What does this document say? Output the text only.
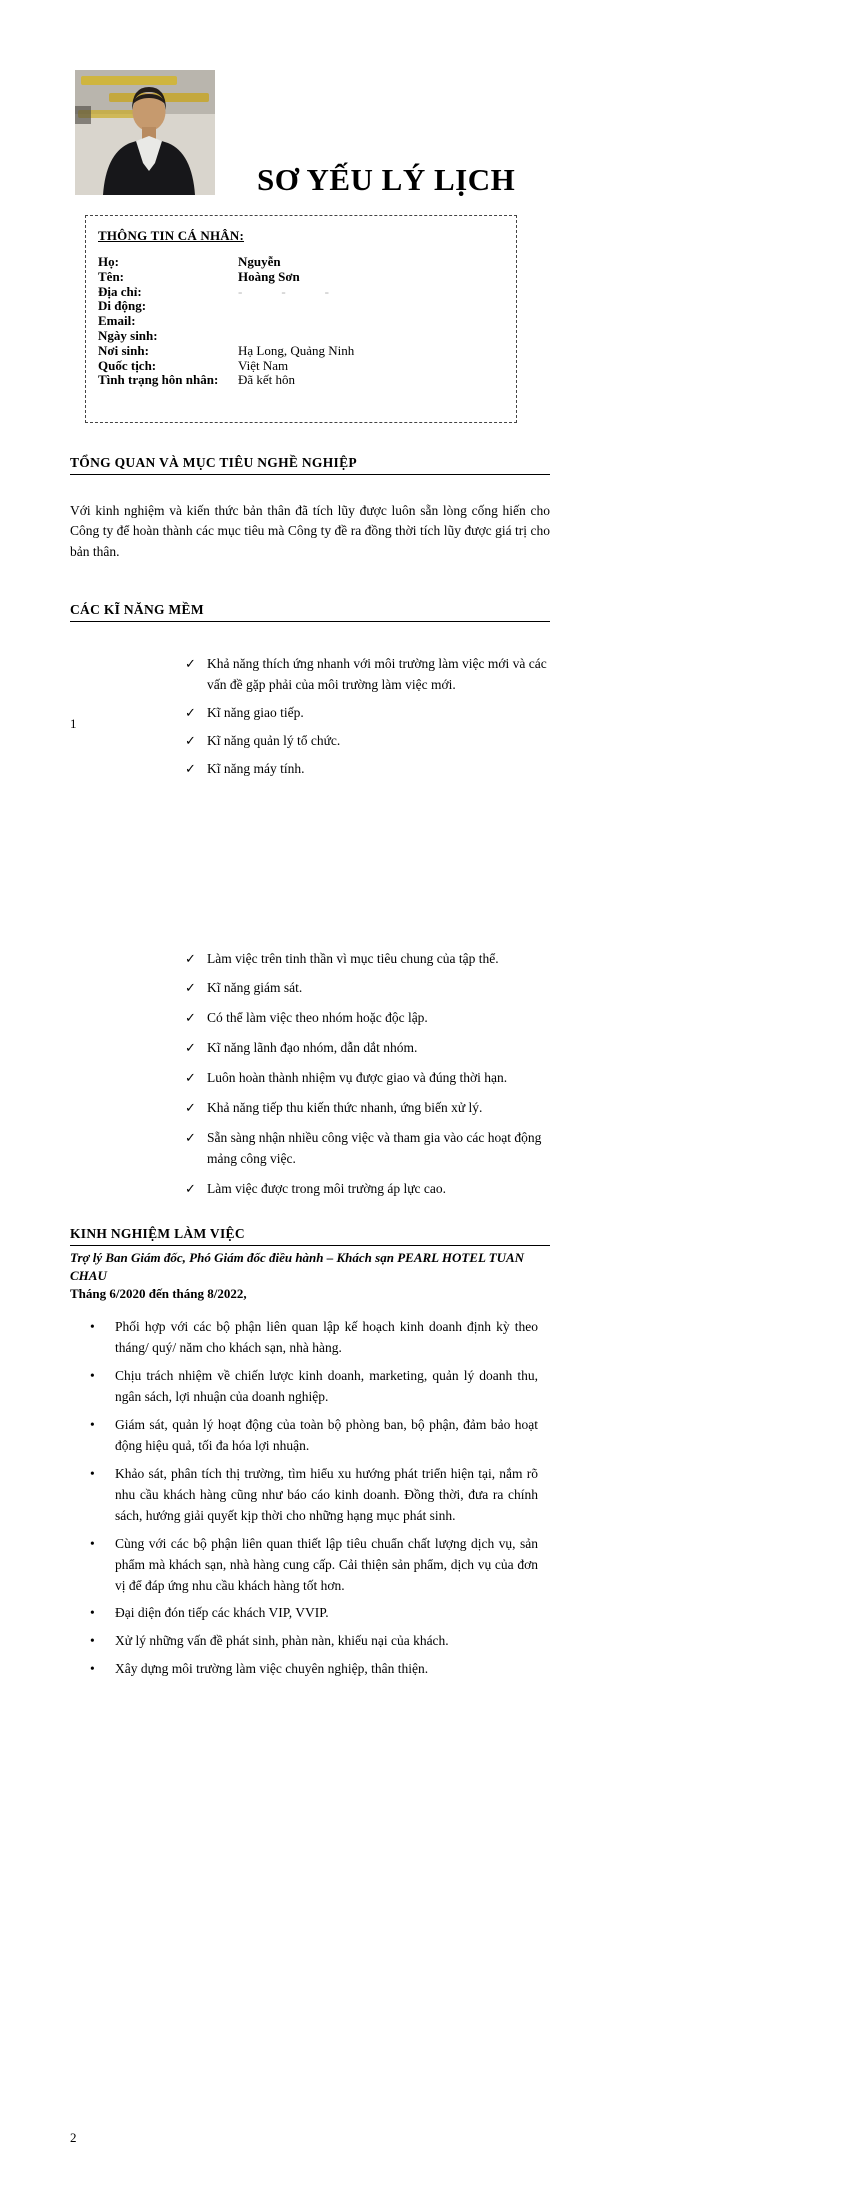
SƠ YẾU LÝ LỊCH
THÔNG TIN CÁ NHÂN:
Họ:	Nguyễn
Tên:	Hoàng Sơn
Địa chỉ:	-            -            -
Di động:
Email:
Ngày sinh:
Nơi sinh:	Hạ Long, Quảng Ninh
Quốc tịch:	Việt Nam
Tình trạng hôn nhân:	Đã kết hôn
TỔNG QUAN VÀ MỤC TIÊU NGHỀ NGHIỆP

Với kinh nghiệm và kiến thức bản thân đã tích lũy được luôn sẵn lòng cống hiến cho Công ty để hoàn thành các mục tiêu mà Công ty đề ra đồng thời tích lũy được giá trị cho bản thân.

CÁC KĨ NĂNG MỀM
✓ Khả năng thích ứng nhanh với môi trường làm việc mới và các vấn đề gặp phải của môi trường làm việc mới.
✓ Kĩ năng giao tiếp.
✓ Kĩ năng quản lý tổ chức.
✓ Kĩ năng máy tính.
1
✓ Làm việc trên tinh thần vì mục tiêu chung của tập thể.
✓ Kĩ năng giám sát.
✓ Có thể làm việc theo nhóm hoặc độc lập.
✓ Kĩ năng lãnh đạo nhóm, dẫn dắt nhóm.
✓ Luôn hoàn thành nhiệm vụ được giao và đúng thời hạn.
✓ Khả năng tiếp thu kiến thức nhanh, ứng biến xử lý.
✓ Sẵn sàng nhận nhiều công việc và tham gia vào các hoạt động mảng công việc.
✓ Làm việc được trong môi trường áp lực cao.
KINH NGHIỆM LÀM VIỆC
Trợ lý Ban Giám đốc, Phó Giám đốc điều hành – Khách sạn PEARL HOTEL TUAN CHAU
Tháng 6/2020 đến tháng 8/2022,
•	Phối hợp với các bộ phận liên quan lập kế hoạch kinh doanh định kỳ theo tháng/ quý/ năm cho khách sạn, nhà hàng.
•	Chịu trách nhiệm về chiến lược kinh doanh, marketing, quản lý doanh thu, ngân sách, lợi nhuận của doanh nghiệp.
•	Giám sát, quản lý hoạt động của toàn bộ phòng ban, bộ phận, đảm bảo hoạt động hiệu quả, tối đa hóa lợi nhuận.
•	Khảo sát, phân tích thị trường, tìm hiểu xu hướng phát triển hiện tại, nắm rõ nhu cầu khách hàng cũng như báo cáo kinh doanh. Đồng thời, đưa ra chính sách, hướng giải quyết kịp thời cho những hạng mục phát sinh.
•	Cùng với các bộ phận liên quan thiết lập tiêu chuẩn chất lượng dịch vụ, sản phẩm mà khách sạn, nhà hàng cung cấp. Cải thiện sản phẩm, dịch vụ của đơn vị để đáp ứng nhu cầu khách hàng tốt hơn.
•	Đại diện đón tiếp các khách VIP, VVIP.
•	Xử lý những vấn đề phát sinh, phàn nàn, khiếu nại của khách.
•	Xây dựng môi trường làm việc chuyên nghiệp, thân thiện.
2
